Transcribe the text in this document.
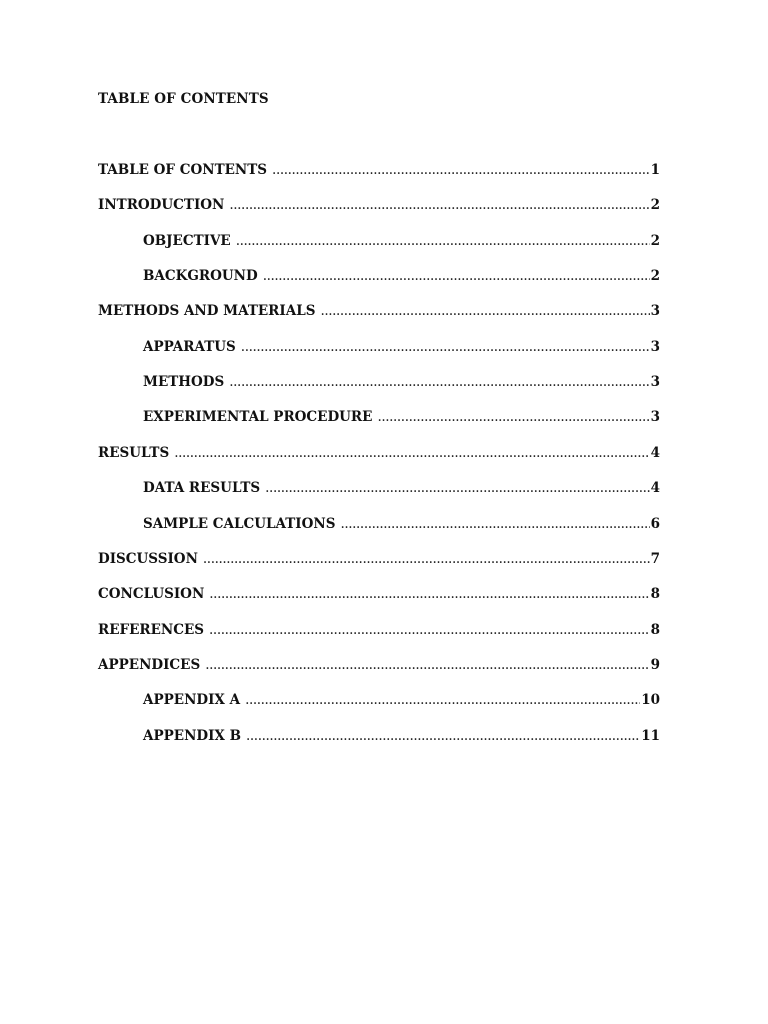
TABLE OF CONTENTS
TABLE OF CONTENTS .....	1
INTRODUCTION .....	2
OBJECTIVE .....	2
BACKGROUND .....	2
METHODS AND MATERIALS .....	3
APPARATUS .....	3
METHODS .....	3
EXPERIMENTAL PROCEDURE .....	3
RESULTS .....	4
DATA RESULTS .....	4
SAMPLE CALCULATIONS .....	6
DISCUSSION .....	7
CONCLUSION .....	8
REFERENCES .....	8
APPENDICES .....	9
APPENDIX A .....	10
APPENDIX B .....	11
